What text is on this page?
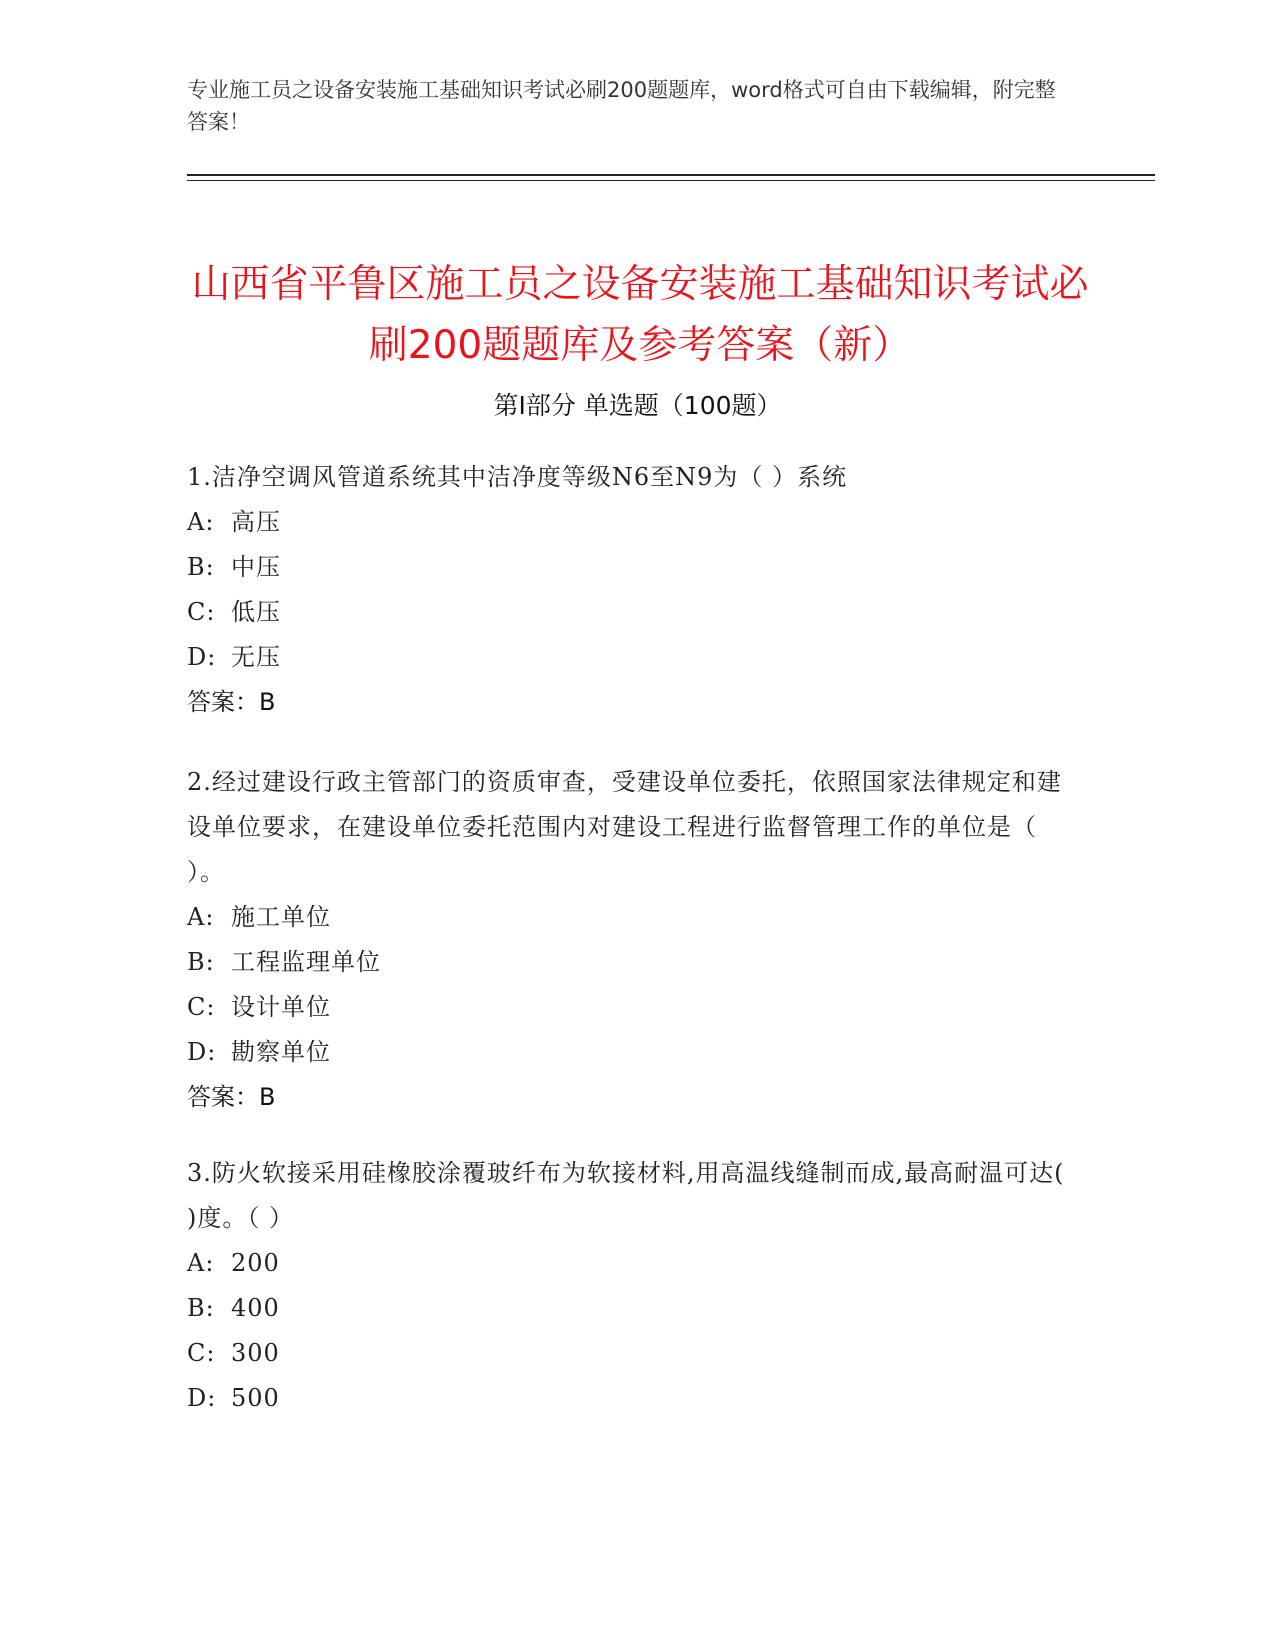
专业施工员之设备安装施工基础知识考试必刷200题题库，word格式可自由下载编辑，附完整答案！
山西省平鲁区施工员之设备安装施工基础知识考试必刷200题题库及参考答案（新）
第Ⅰ部分 单选题（100题）
1.洁净空调风管道系统其中洁净度等级N6至N9为（ ）系统
A: 高压
B: 中压
C: 低压
D: 无压
答案：B
2.经过建设行政主管部门的资质审查，受建设单位委托，依照国家法律规定和建设单位要求，在建设单位委托范围内对建设工程进行监督管理工作的单位是（ ）。
A: 施工单位
B: 工程监理单位
C: 设计单位
D: 勘察单位
答案：B
3.防火软接采用硅橡胶涂覆玻纤布为软接材料,用高温线缝制而成,最高耐温可达( )度。（ ）
A: 200
B: 400
C: 300
D: 500
